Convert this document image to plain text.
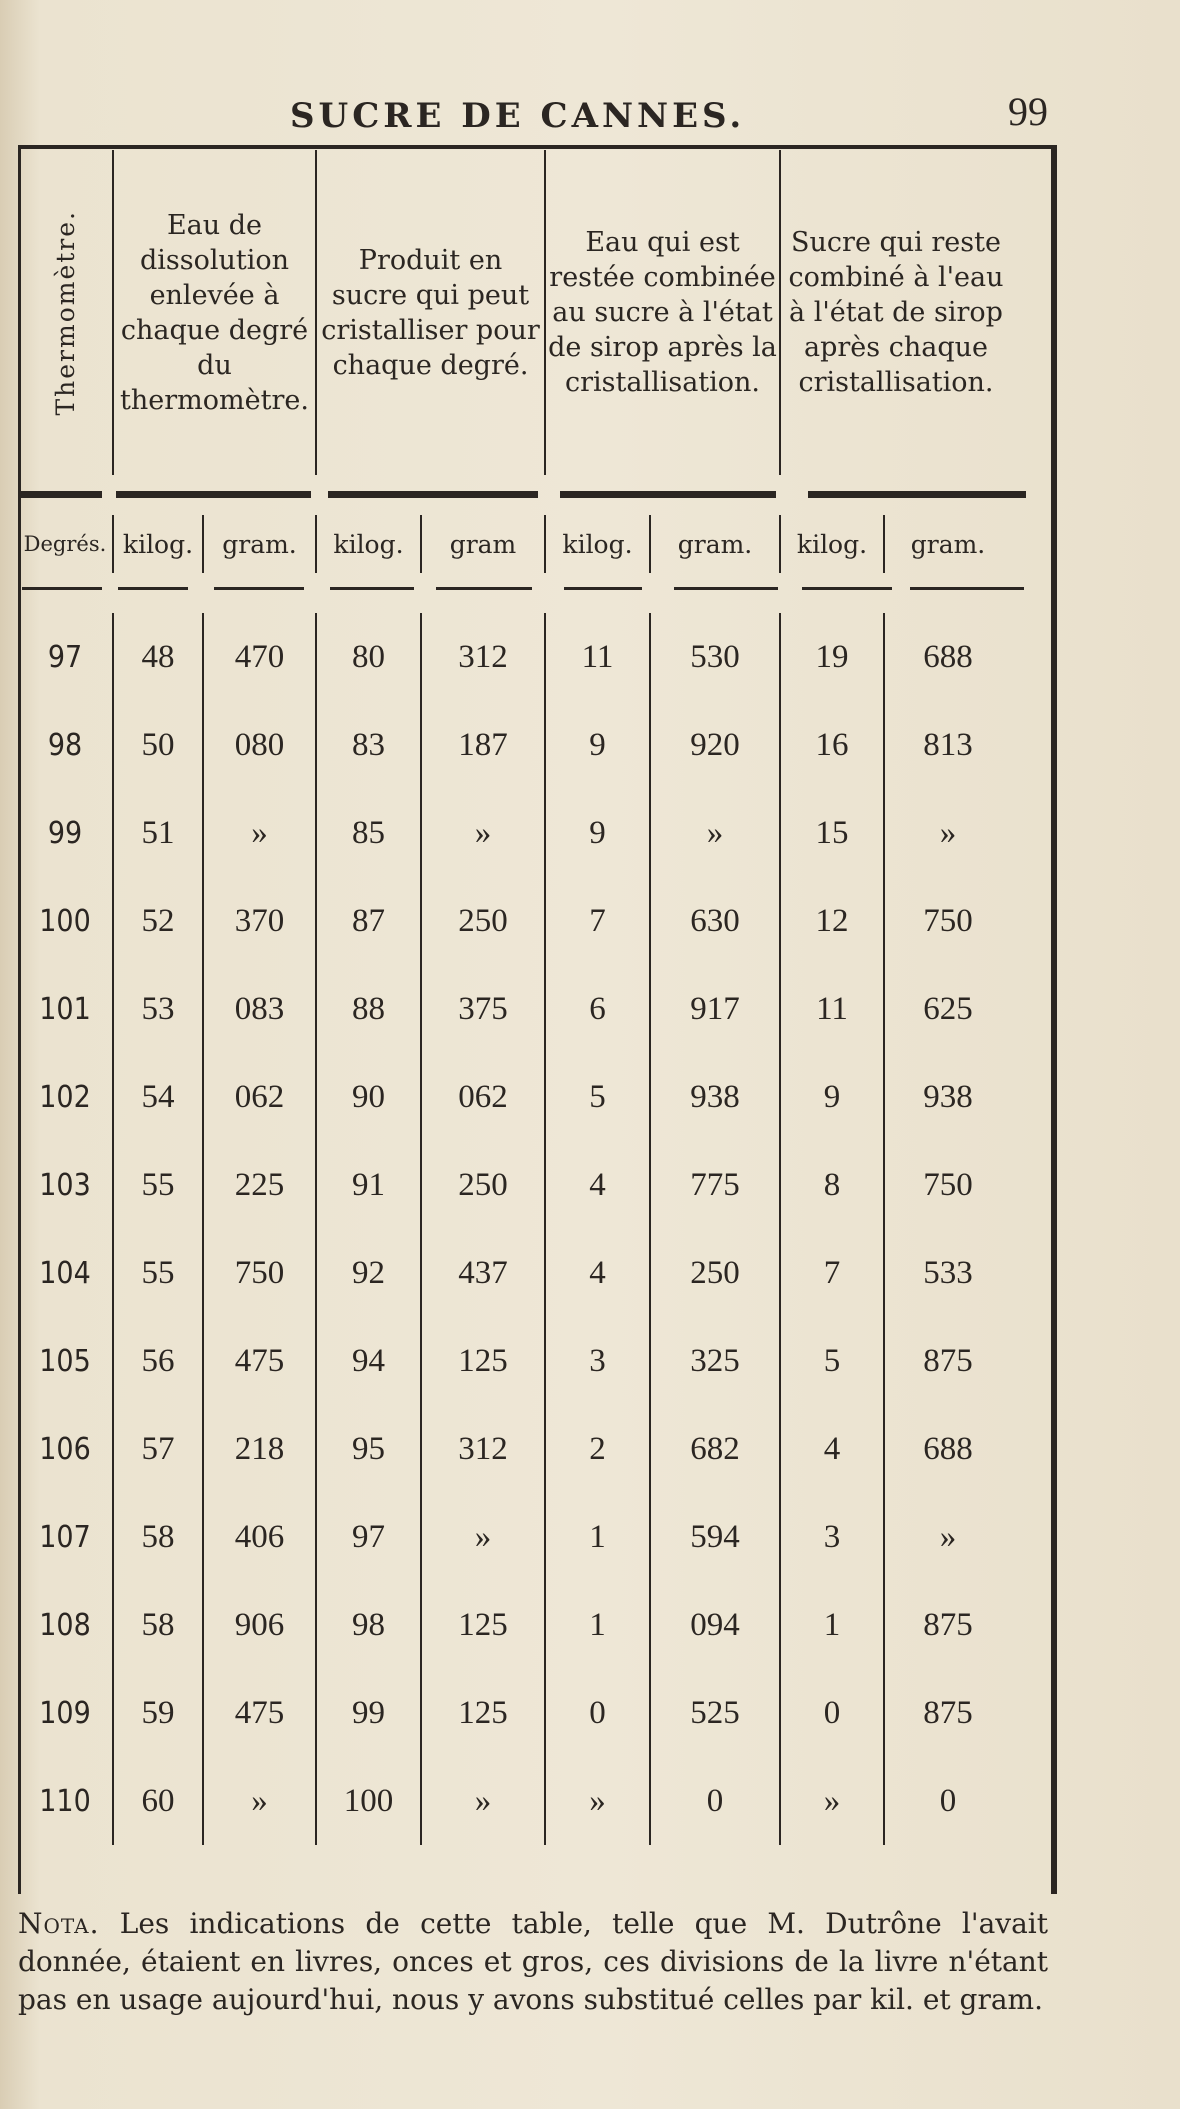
SUCRE DE CANNES.	99
Thermomètre.	Eau de dissolution enlevée à chaque degré du thermomètre.
Produit en sucre qui peut cristalliser pour chaque degré.
Eau qui est restée combinée au sucre à l'état de sirop après la cristallisation.
Sucre qui reste combiné à l'eau à l'état de sirop après chaque cristallisation.
Degrés. kilog.	gram.	kilog.	gram	kilog.	gram.	kilog.	gram.
97	48	470	80	312	11	530	19	688
98	50	080	83	187	9	920	16	813
99	51	»	85	»	9	»	15	»
100	52	370	87	250	7	630	12	750
101	53	083	88	375	6	917	11	625
102	54	062	90	062	5	938	9	938
103	55	225	91	250	4	775	8	750
104	55	750	92	437	4	250	7	533
105	56	475	94	125	3	325	5	875
106	57	218	95	312	2	682	4	688
107	58	406	97	»	1	594	3	»
108	58	906	98	125	1	094	1	875
109	59	475	99	125	0	525	0	875
110	60	»	100	»	»	0	»	0
Nota. Les indications de cette table, telle que M. Dutrône l'avait donnée, étaient en livres, onces et gros, ces divisions de la livre n'étant pas en usage aujourd'hui, nous y avons substitué celles par kil. et gram.
